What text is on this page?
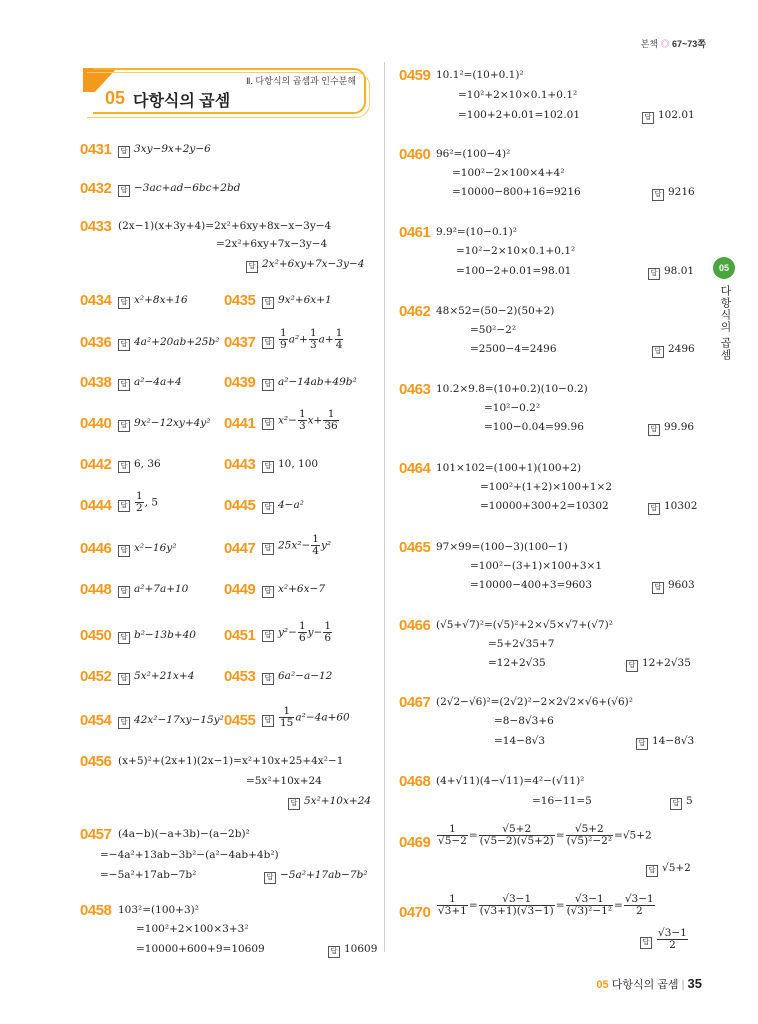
본책 ◎ 67~73쪽
Ⅱ. 다항식의 곱셈과 인수분해
05 다항식의 곱셈
05
다항식의 곱셈
0431	답 3xy−9x+2y−6
0432	답 −3ac+ad−6bc+2bd
0433 (2x−1)(x+3y+4)=2x²+6xy+8x−x−3y−4
=2x²+6xy+7x−3y−4
답 2x²+6xy+7x−3y−4
0434	답 x²+8x+16 0435	답 9x²+6x+1
0436	답 4a²+20ab+25b² 0437	답 $\frac{1}{9} a^2+ \frac{1}{3} a+ \frac{1}{4}$
0438	답 a²−4a+4	0439	답 a²−14ab+49b²
0440	답 9x²−12xy+4y² 0441	답 $x^2- \frac{1}{3} x+ \frac{1}{36}$
0442	답 6, 36	0443	답 10, 100
0444	답 $\frac{1}{2}$ , 5	0445	답 4−a²
0446	답 x²−16y²	0447	답 $25x^2- \frac{1}{4} y^2$
0448	답 a²+7a+10 0449	답 x²+6x−7
0450	답 b²−13b+40 0451	답 $y^2- \frac{1}{6} y- \frac{1}{6}$
0452	답 5x²+21x+4 0453	답 6a²−a−12
0454	답 42x²−17xy−15y² 0455	답 $\frac{1}{15} a^2-4a+60$
0456 (x+5)²+(2x+1)(2x−1)=x²+10x+25+4x²−1
=5x²+10x+24
답 5x²+10x+24
0457 (4a−b)(−a+3b)−(a−2b)²
=−4a²+13ab−3b²−(a²−4ab+4b²)
=−5a²+17ab−7b²	답 −5a²+17ab−7b²
0458 103²=(100+3)²
=100²+2×100×3+3²
=10000+600+9=10609	답 10609
0459 10.1²=(10+0.1)²
=10²+2×10×0.1+0.1²
=100+2+0.01=102.01	답 102.01
0460 96²=(100−4)²
=100²−2×100×4+4²
=10000−800+16=9216	답 9216
0461 9.9²=(10−0.1)²
=10²−2×10×0.1+0.1²
=100−2+0.01=98.01	답 98.01
0462 48×52=(50−2)(50+2)
=50²−2²
=2500−4=2496	답 2496
0463 10.2×9.8=(10+0.2)(10−0.2)
=10²−0.2²
=100−0.04=99.96	답 99.96
0464 101×102=(100+1)(100+2)
=100²+(1+2)×100+1×2
=10000+300+2=10302	답 10302
0465 97×99=(100−3)(100−1)
=100²−(3+1)×100+3×1
=10000−400+3=9603	답 9603
0466 (√5+√7)²=(√5)²+2×√5×√7+(√7)²
=5+2√35+7
=12+2√35	답 12+2√35
0467 (2√2−√6)²=(2√2)²−2×2√2×√6+(√6)²
=8−8√3+6
=14−8√3	답 14−8√3
0468 (4+√11)(4−√11)=4²−(√11)²
=16−11=5	답 5
$0469 \frac{1}{√5-2} = \frac{√5+2}{(√5-2)(√5+2)} = \frac{√5+2}{\text{(√5)²−2²}} =√5+2$
답 √5+2
$0470 \frac{1}{√3+1} = \frac{√3-1}{(√3+1)(√3-1)} = \frac{√3-1}{\text{(√3)²−1²}} = \frac{√3-1}{2}$
답 $\frac{√3-1}{2}$
05 다항식의 곱셈 | 35
